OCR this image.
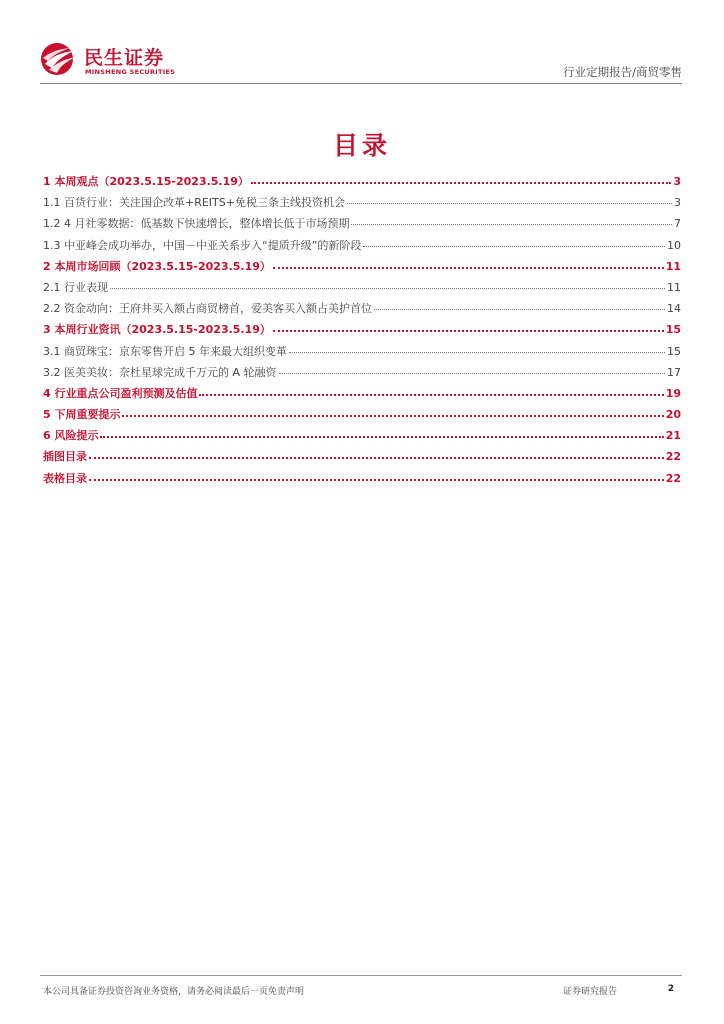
民生证券
MINSHENG SECURITIES	行业定期报告/商贸零售
目录
1 本周观点（2023.5.15-2023.5.19）	3
1.1 百货行业：关注国企改革+REITS+免税三条主线投资机会	3
1.2 4 月社零数据：低基数下快速增长，整体增长低于市场预期	7
1.3 中亚峰会成功举办，中国－中亚关系步入“提质升级”的新阶段	10
2 本周市场回顾（2023.5.15-2023.5.19）	11
2.1 行业表现	11
2.2 资金动向：王府井买入额占商贸榜首，爱美客买入额占美护首位	14
3 本周行业资讯（2023.5.15-2023.5.19）	15
3.1 商贸珠宝：京东零售开启 5 年来最大组织变革	15
3.2 医美美妆：奈杜星球完成千万元的 A 轮融资	17
4 行业重点公司盈利预测及估值	19
5 下周重要提示	20
6 风险提示	21
插图目录	22
表格目录	22
本公司具备证券投资咨询业务资格，请务必阅读最后一页免责声明	证券研究报告	2
